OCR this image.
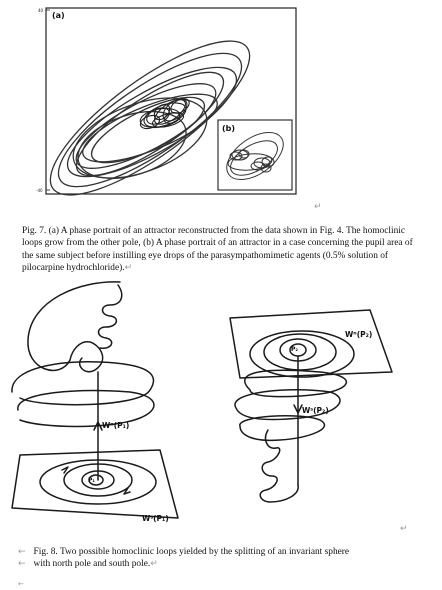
(a)
(b)
40
-40
↵
Pig. 7. (a) A phase portrait of an attractor reconstructed from the data shown in Fig. 4. The homoclinic loops grow from the other pole, (b) A phase portrait of an attractor in a case concerning the pupil area of the same subject before instilling eye drops of the parasympathomimetic agents (0.5% solution of pilocarpine hydrochloride).↵
Wⁿ(P₁)
Wˢ(P₁)
P₁
Wⁿ(P₂)
Wˢ(P₂)
P₂
↵
← Fig. 8. Two possible homoclinic loops yielded by the splitting of an invariant sphere
← with north pole and south pole.↵
←
